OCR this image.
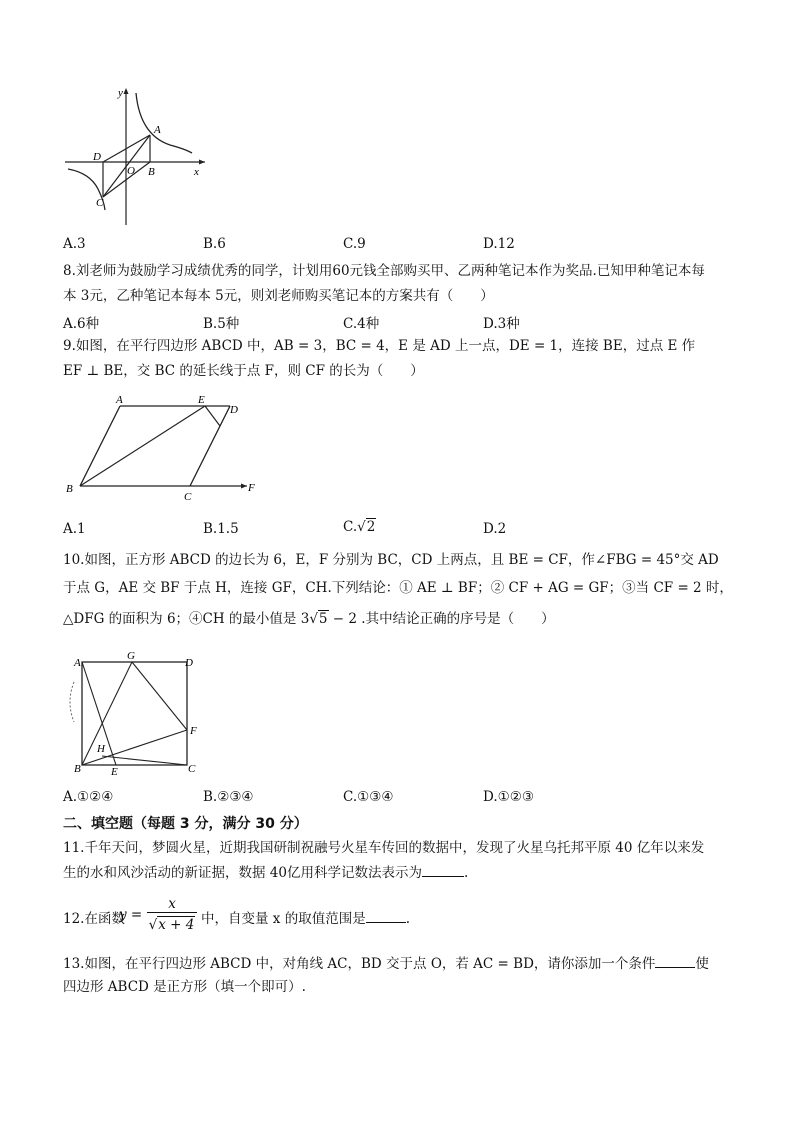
y
x
A
B
C
D
O
A.3	B.6	C.9	D.12
8.刘老师为鼓励学习成绩优秀的同学，计划用60元钱全部购买甲、乙两种笔记本作为奖品.已知甲种笔记本每
本 3元，乙种笔记本每本 5元，则刘老师购买笔记本的方案共有（　　）
A.6种	B.5种	C.4种	D.3种
9.如图，在平行四边形 ABCD 中，AB = 3，BC = 4，E 是 AD 上一点，DE = 1，连接 BE，过点 E 作
EF ⊥ BE，交 BC 的延长线于点 F，则 CF 的长为（　　）
A	E
D
B
C
F
A.1	B.1.5	C.√2	D.2
10.如图，正方形 ABCD 的边长为 6，E，F 分别为 BC，CD 上两点，且 BE = CF，作∠FBG = 45°交 AD
于点 G，AE 交 BF 于点 H，连接 GF，CH.下列结论：① AE ⊥ BF；② CF + AG = GF；③当 CF = 2 时，
△DFG 的面积为 6；④CH 的最小值是 3√5 − 2 .其中结论正确的序号是（　　）
A
G
D
F
H
B	E	C
A.①②④	B.②③④	C.①③④	D.①②③
二、填空题（每题 3 分，满分 30 分）
11.千年天问，梦圆火星，近期我国研制祝融号火星车传回的数据中，发现了火星乌托邦平原 40 亿年以来发
生的水和风沙活动的新证据，数据 40亿用科学记数法表示为	.
12.在函数
y =
x
√x + 4 中，自变量 x 的取值范围是	.
13.如图，在平行四边形 ABCD 中，对角线 AC，BD 交于点 O，若 AC = BD，请你添加一个条件	使
四边形 ABCD 是正方形（填一个即可）.
